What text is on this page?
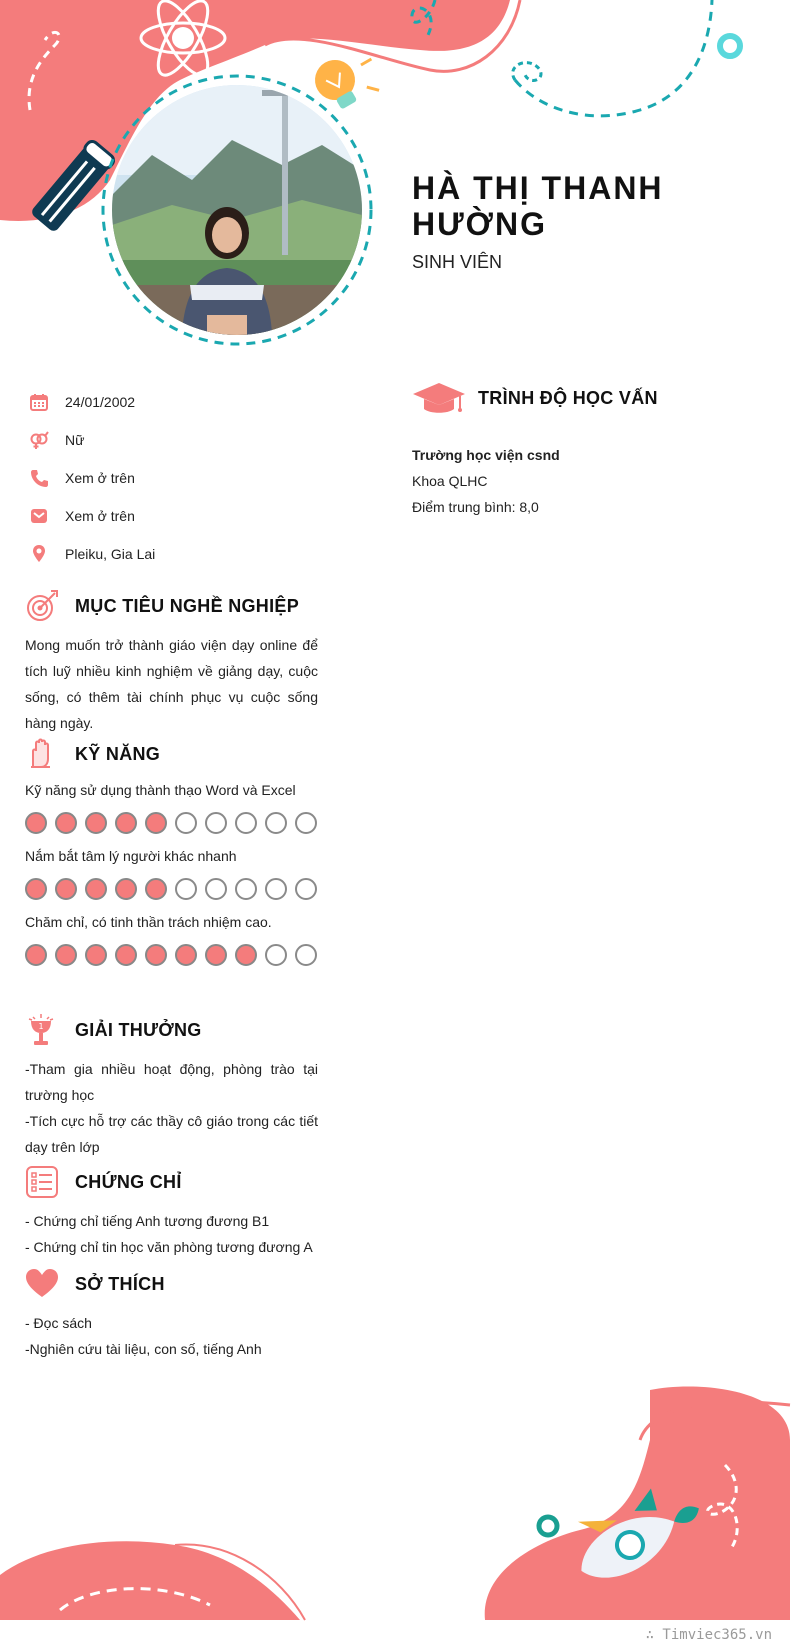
HÀ THỊ THANH HƯỜNG
SINH VIÊN
24/01/2002
Nữ
Xem ở trên
Xem ở trên
Pleiku, Gia Lai
TRÌNH ĐỘ HỌC VẤN

Trường học viện csnd

Khoa QLHC

Điểm trung bình: 8,0

MỤC TIÊU NGHỀ NGHIỆP

Mong muốn trở thành giáo viện dạy online để tích luỹ nhiều kinh nghiệm về giảng dạy, cuộc sống, có thêm tài chính phục vụ cuộc sống hàng ngày.

KỸ NĂNG
Kỹ năng sử dụng thành thạo Word và Excel
Nắm bắt tâm lý người khác nhanh
Chăm chỉ, có tinh thần trách nhiệm cao.
1 GIẢI THƯỞNG

-Tham gia nhiều hoạt động, phòng trào tại trường học

-Tích cực hỗ trợ các thầy cô giáo trong các tiết dạy trên lớp

CHỨNG CHỈ

- Chứng chỉ tiếng Anh tương đương B1

- Chứng chỉ tin học văn phòng tương đương A

SỞ THÍCH

- Đọc sách

-Nghiên cứu tài liệu, con số, tiếng Anh

∴ Timviec365.vn
